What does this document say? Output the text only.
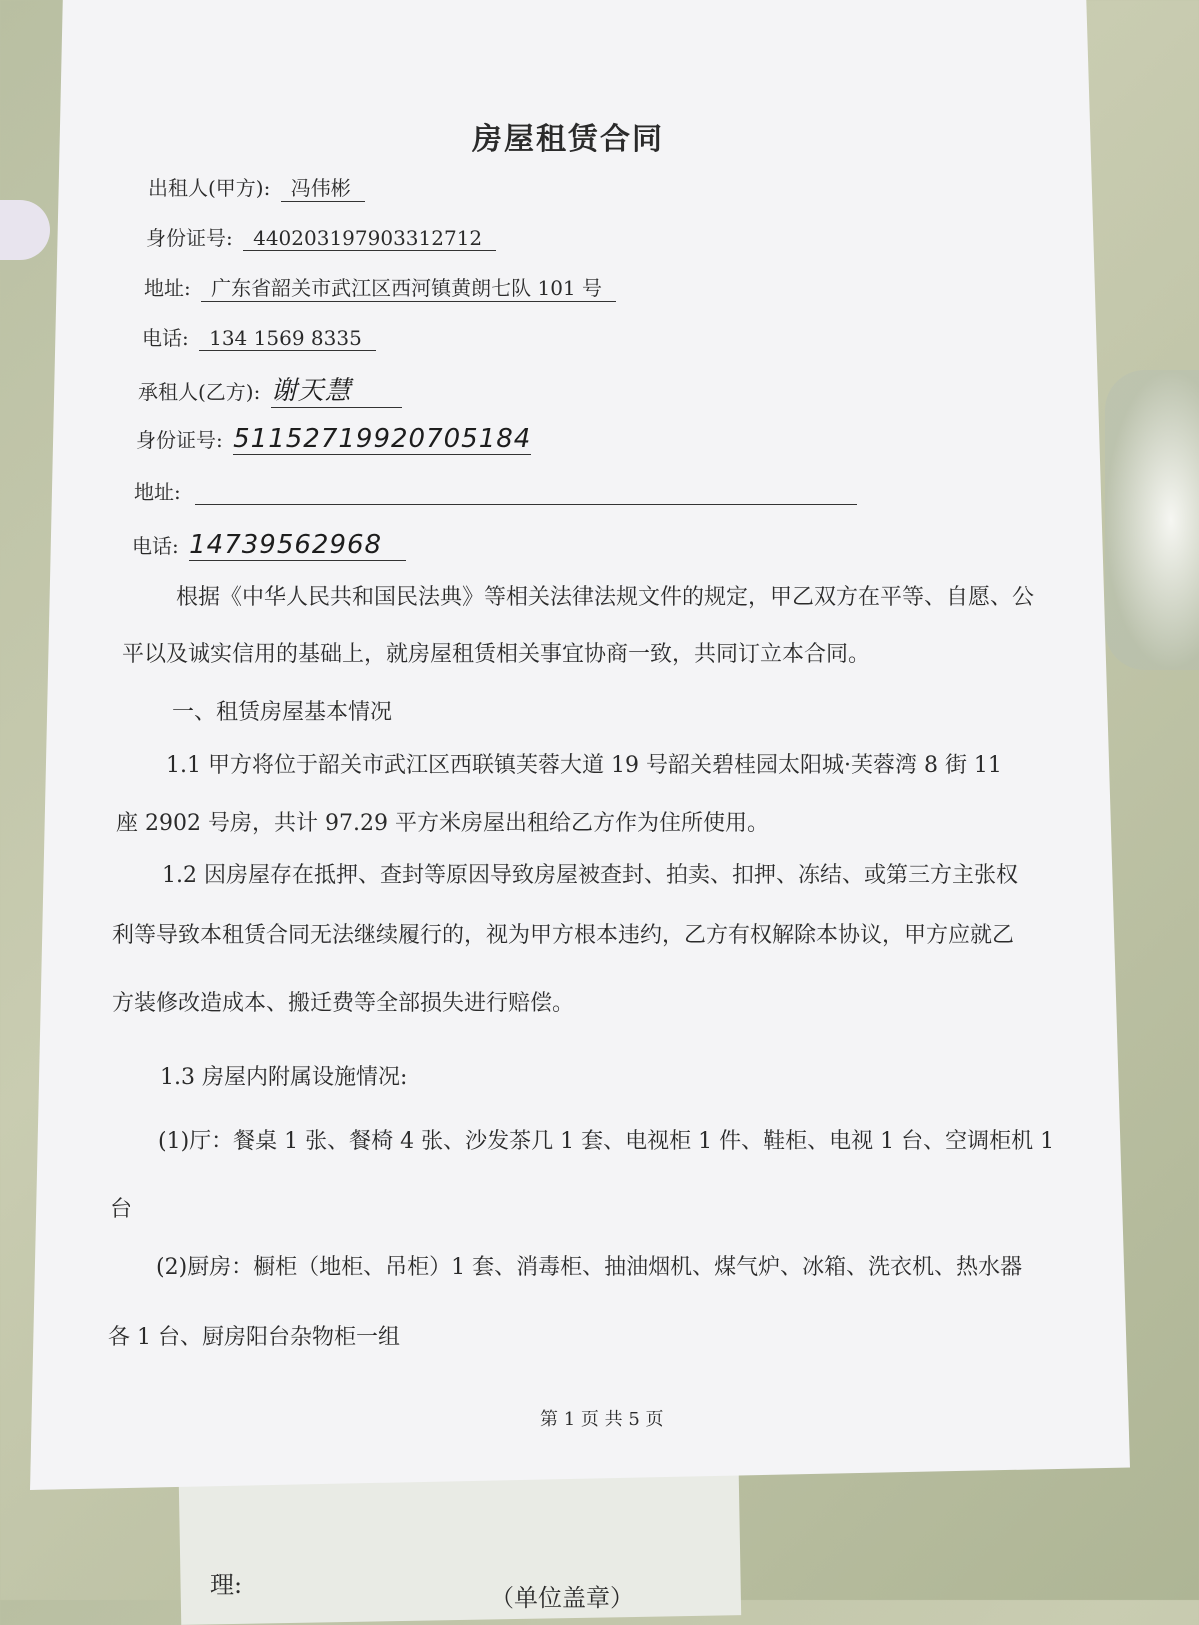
理:	（单位盖章）
房屋租赁合同
出租人(甲方): 冯伟彬
身份证号: 440203197903312712
地址: 广东省韶关市武江区西河镇黄朗七队 101 号
电话: 134 1569 8335
承租人(乙方): 谢天慧
身份证号: 51152719920705184
地址:
电话: 14739562968
根据《中华人民共和国民法典》等相关法律法规文件的规定，甲乙双方在平等、自愿、公
平以及诚实信用的基础上，就房屋租赁相关事宜协商一致，共同订立本合同。
一、租赁房屋基本情况
1.1 甲方将位于韶关市武江区西联镇芙蓉大道 19 号韶关碧桂园太阳城·芙蓉湾 8 街 11
座 2902 号房，共计 97.29 平方米房屋出租给乙方作为住所使用。
1.2 因房屋存在抵押、查封等原因导致房屋被查封、拍卖、扣押、冻结、或第三方主张权
利等导致本租赁合同无法继续履行的，视为甲方根本违约，乙方有权解除本协议，甲方应就乙
方装修改造成本、搬迁费等全部损失进行赔偿。
1.3 房屋内附属设施情况:
(1)厅：餐桌 1 张、餐椅 4 张、沙发茶几 1 套、电视柜 1 件、鞋柜、电视 1 台、空调柜机 1
台
(2)厨房：橱柜（地柜、吊柜）1 套、消毒柜、抽油烟机、煤气炉、冰箱、洗衣机、热水器
各 1 台、厨房阳台杂物柜一组
第 1 页 共 5 页
